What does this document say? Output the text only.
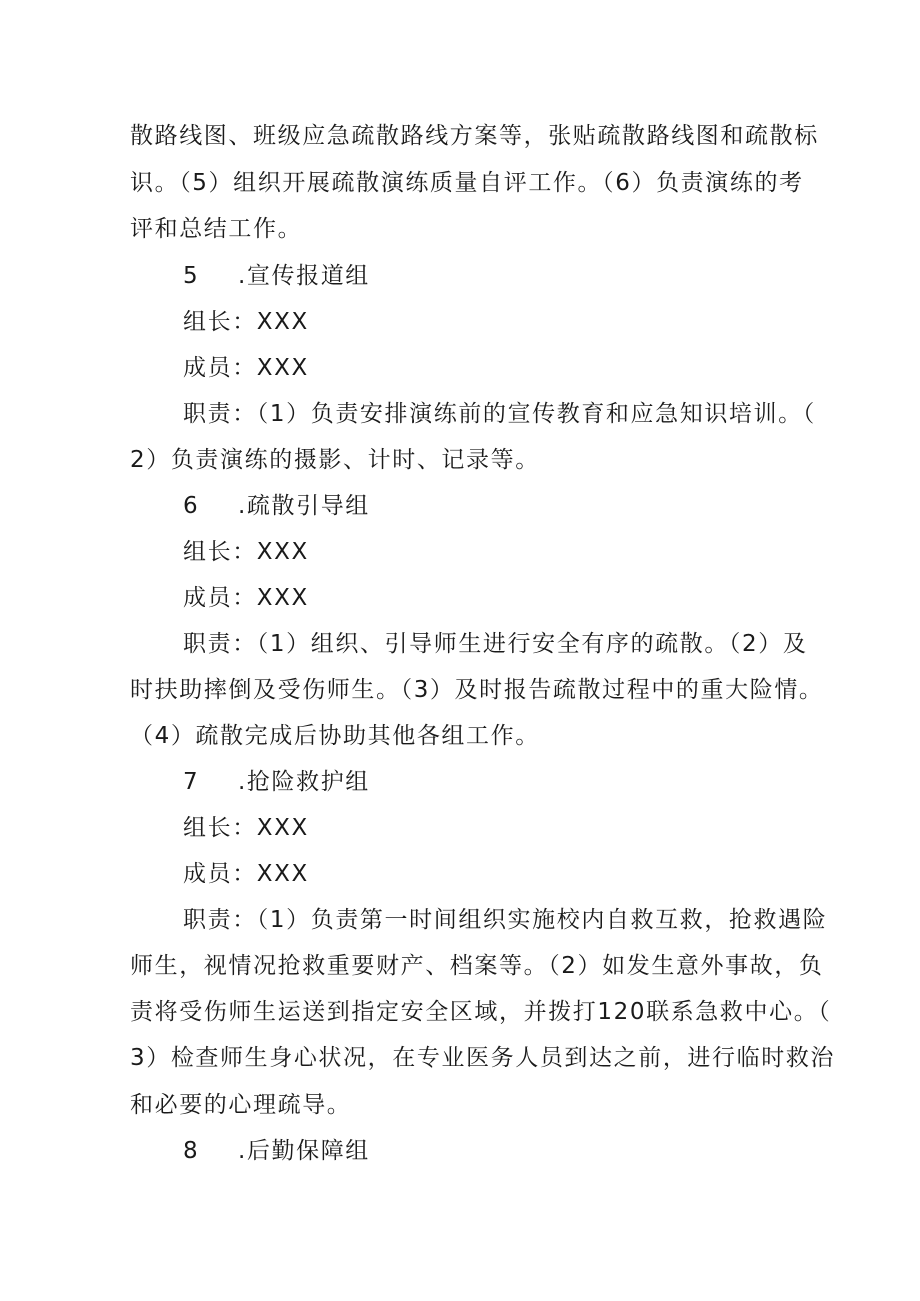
散路线图、班级应急疏散路线方案等，张贴疏散路线图和疏散标
识。（5）组织开展疏散演练质量自评工作。（6）负责演练的考
评和总结工作。
5 .宣传报道组
组长：XXX
成员：XXX
职责：（1）负责安排演练前的宣传教育和应急知识培训。（
2）负责演练的摄影、计时、记录等。
6 .疏散引导组
组长：XXX
成员：XXX
职责：（1）组织、引导师生进行安全有序的疏散。（2）及
时扶助摔倒及受伤师生。（3）及时报告疏散过程中的重大险情。
（4）疏散完成后协助其他各组工作。
7 .抢险救护组
组长：XXX
成员：XXX
职责：（1）负责第一时间组织实施校内自救互救，抢救遇险
师生，视情况抢救重要财产、档案等。（2）如发生意外事故，负
责将受伤师生运送到指定安全区域，并拨打120联系急救中心。（
3）检查师生身心状况，在专业医务人员到达之前，进行临时救治
和必要的心理疏导。
8 .后勤保障组
